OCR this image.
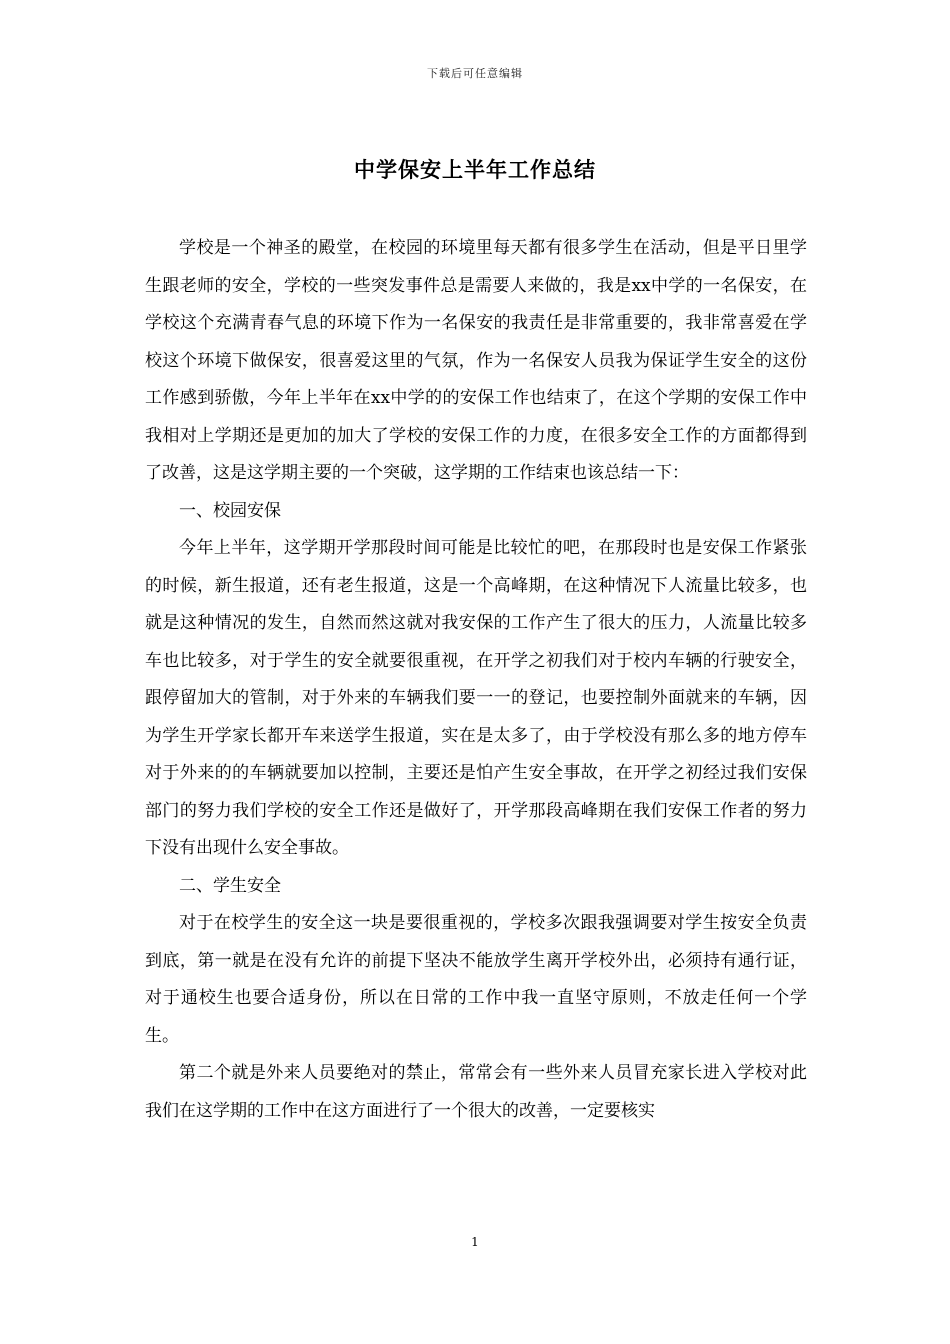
下载后可任意编辑
中学保安上半年工作总结

学校是一个神圣的殿堂，在校园的环境里每天都有很多学生在活动，但是平日里学生跟老师的安全，学校的一些突发事件总是需要人来做的，我是xx中学的一名保安，在学校这个充满青春气息的环境下作为一名保安的我责任是非常重要的，我非常喜爱在学校这个环境下做保安，很喜爱这里的气氛，作为一名保安人员我为保证学生安全的这份工作感到骄傲，今年上半年在xx中学的的安保工作也结束了，在这个学期的安保工作中我相对上学期还是更加的加大了学校的安保工作的力度，在很多安全工作的方面都得到了改善，这是这学期主要的一个突破，这学期的工作结束也该总结一下：

一、校园安保

今年上半年，这学期开学那段时间可能是比较忙的吧，在那段时也是安保工作紧张的时候，新生报道，还有老生报道，这是一个高峰期，在这种情况下人流量比较多，也就是这种情况的发生，自然而然这就对我安保的工作产生了很大的压力，人流量比较多车也比较多，对于学生的安全就要很重视，在开学之初我们对于校内车辆的行驶安全，跟停留加大的管制，对于外来的车辆我们要一一的登记，也要控制外面就来的车辆，因为学生开学家长都开车来送学生报道，实在是太多了，由于学校没有那么多的地方停车对于外来的的车辆就要加以控制，主要还是怕产生安全事故，在开学之初经过我们安保部门的努力我们学校的安全工作还是做好了，开学那段高峰期在我们安保工作者的努力下没有出现什么安全事故。

二、学生安全

对于在校学生的安全这一块是要很重视的，学校多次跟我强调要对学生按安全负责到底，第一就是在没有允许的前提下坚决不能放学生离开学校外出，必须持有通行证，对于通校生也要合适身份，所以在日常的工作中我一直坚守原则，不放走任何一个学生。

第二个就是外来人员要绝对的禁止，常常会有一些外来人员冒充家长进入学校对此我们在这学期的工作中在这方面进行了一个很大的改善，一定要核实

1
